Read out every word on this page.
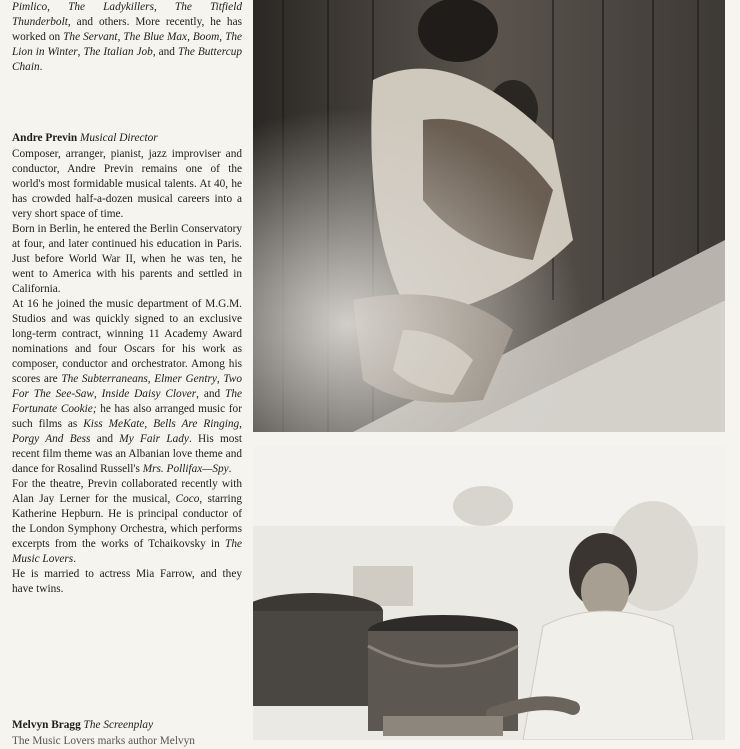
Pimlico, The Ladykillers, The Titfield Thunderbolt, and others. More recently, he has worked on The Servant, The Blue Max, Boom, The Lion in Winter, The Italian Job, and The Buttercup Chain.

Andre Previn Musical Director

Composer, arranger, pianist, jazz improviser and conductor, Andre Previn remains one of the world's most formidable musical talents. At 40, he has crowded half-a-dozen musical careers into a very short space of time.

Born in Berlin, he entered the Berlin Conservatory at four, and later continued his education in Paris. Just before World War II, when he was ten, he went to America with his parents and settled in California.

At 16 he joined the music department of M.G.M. Studios and was quickly signed to an exclusive long-term contract, winning 11 Academy Award nominations and four Oscars for his work as composer, conductor and orchestrator. Among his scores are The Subterraneans, Elmer Gentry, Two For The See-Saw, Inside Daisy Clover, and The Fortunate Cookie; he has also arranged music for such films as Kiss MeKate, Bells Are Ringing, Porgy And Bess and My Fair Lady. His most recent film theme was an Albanian love theme and dance for Rosalind Russell's Mrs. Pollifax—Spy.

For the theatre, Previn collaborated recently with Alan Jay Lerner for the musical, Coco, starring Katherine Hepburn. He is principal conductor of the London Symphony Orchestra, which performs excerpts from the works of Tchaikovsky in The Music Lovers.

He is married to actress Mia Farrow, and they have twins.

Melvyn Bragg The Screenplay

The Music Lovers marks author Melvyn
